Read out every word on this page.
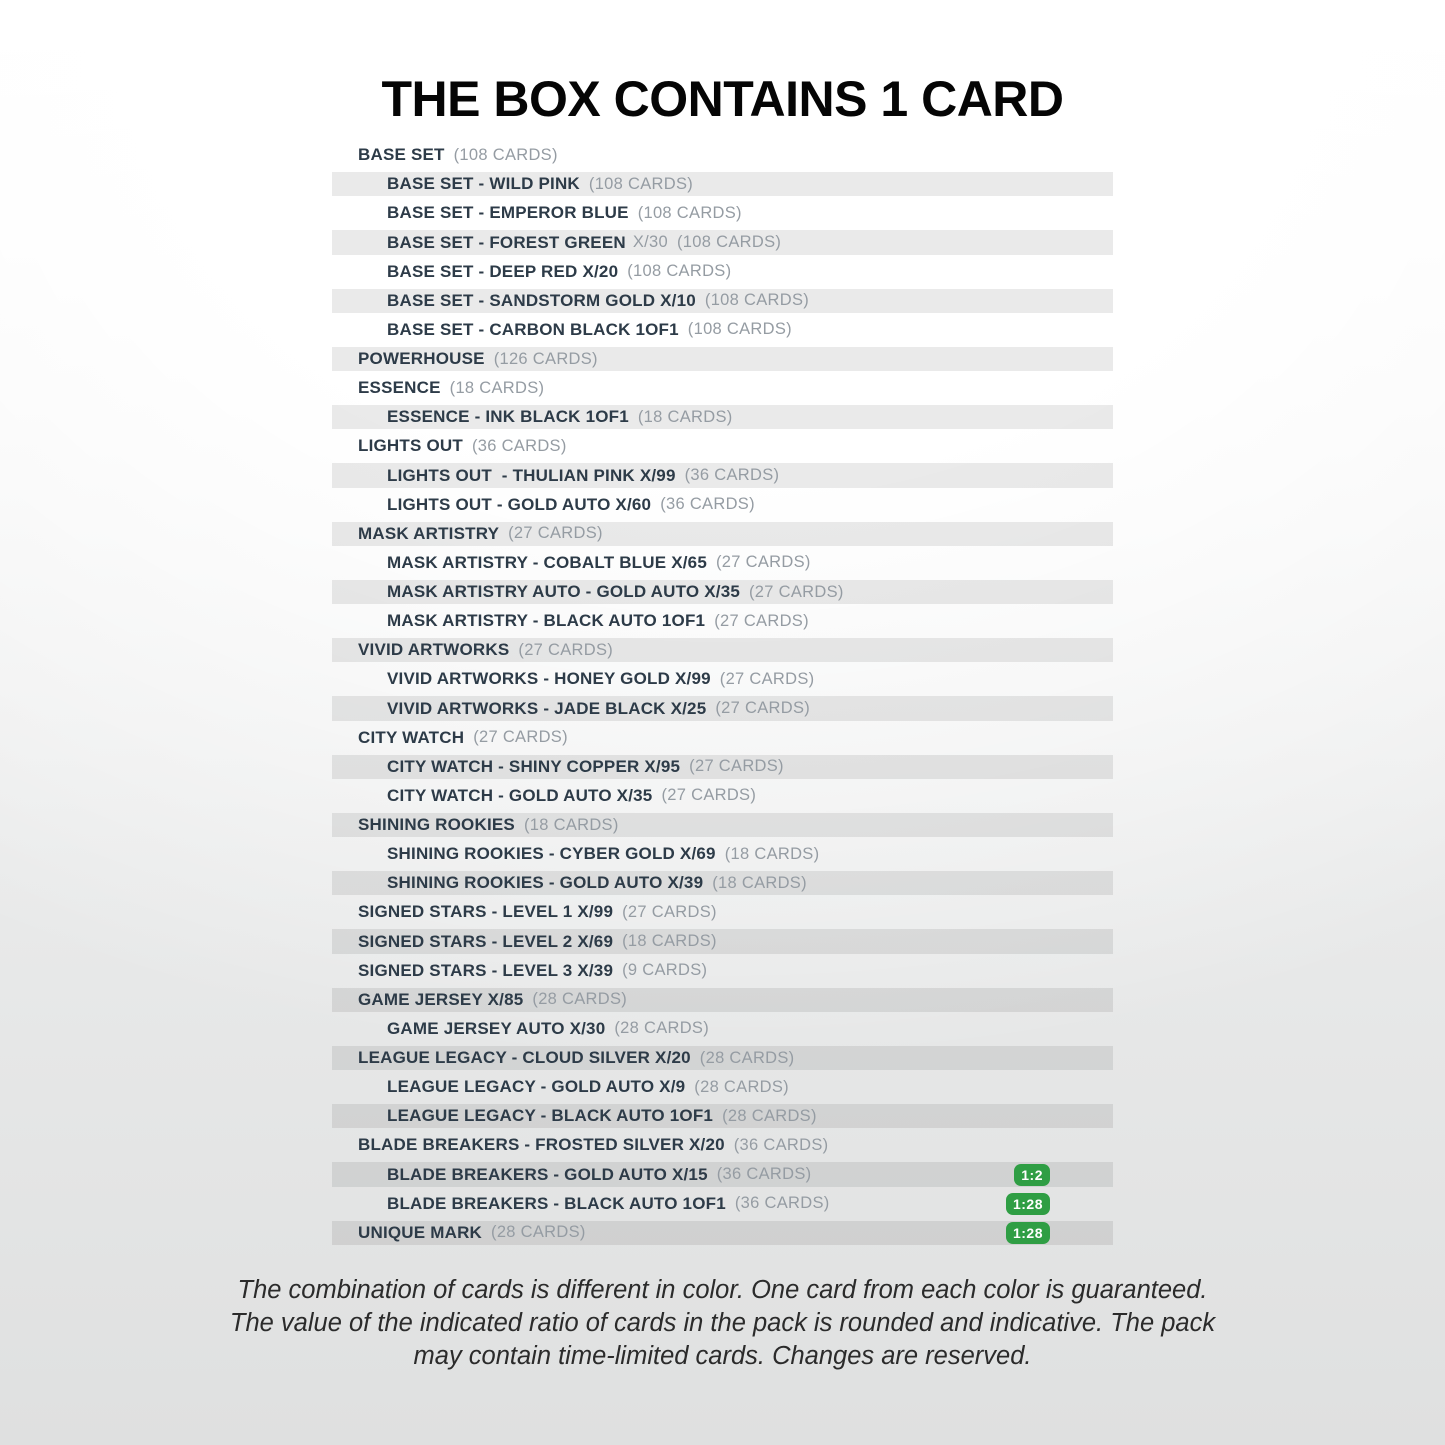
THE BOX CONTAINS 1 CARD
BASE SET (108 CARDS)
BASE SET - WILD PINK (108 CARDS)
BASE SET - EMPEROR BLUE (108 CARDS)
BASE SET - FOREST GREEN X/30 (108 CARDS)
BASE SET - DEEP RED X/20 (108 CARDS)
BASE SET - SANDSTORM GOLD X/10 (108 CARDS)
BASE SET - CARBON BLACK 1OF1 (108 CARDS)
POWERHOUSE (126 CARDS)
ESSENCE (18 CARDS)
ESSENCE - INK BLACK 1OF1 (18 CARDS)
LIGHTS OUT (36 CARDS)
LIGHTS OUT  - THULIAN PINK X/99 (36 CARDS)
LIGHTS OUT - GOLD AUTO X/60 (36 CARDS)
MASK ARTISTRY (27 CARDS)
MASK ARTISTRY - COBALT BLUE X/65 (27 CARDS)
MASK ARTISTRY AUTO - GOLD AUTO X/35 (27 CARDS)
MASK ARTISTRY - BLACK AUTO 1OF1 (27 CARDS)
VIVID ARTWORKS (27 CARDS)
VIVID ARTWORKS - HONEY GOLD X/99 (27 CARDS)
VIVID ARTWORKS - JADE BLACK X/25 (27 CARDS)
CITY WATCH (27 CARDS)
CITY WATCH - SHINY COPPER X/95 (27 CARDS)
CITY WATCH - GOLD AUTO X/35 (27 CARDS)
SHINING ROOKIES (18 CARDS)
SHINING ROOKIES - CYBER GOLD X/69 (18 CARDS)
SHINING ROOKIES - GOLD AUTO X/39 (18 CARDS)
SIGNED STARS - LEVEL 1 X/99 (27 CARDS)
SIGNED STARS - LEVEL 2 X/69 (18 CARDS)
SIGNED STARS - LEVEL 3 X/39 (9 CARDS)
GAME JERSEY X/85 (28 CARDS)
GAME JERSEY AUTO X/30 (28 CARDS)
LEAGUE LEGACY - CLOUD SILVER X/20 (28 CARDS)
LEAGUE LEGACY - GOLD AUTO X/9 (28 CARDS)
LEAGUE LEGACY - BLACK AUTO 1OF1 (28 CARDS)
BLADE BREAKERS - FROSTED SILVER X/20 (36 CARDS)
BLADE BREAKERS - GOLD AUTO X/15 (36 CARDS)	1:2
BLADE BREAKERS - BLACK AUTO 1OF1 (36 CARDS)	1:28
UNIQUE MARK (28 CARDS)	1:28
The combination of cards is different in color. One card from each color is guaranteed.
The value of the indicated ratio of cards in the pack is rounded and indicative. The pack
may contain time-limited cards. Changes are reserved.
